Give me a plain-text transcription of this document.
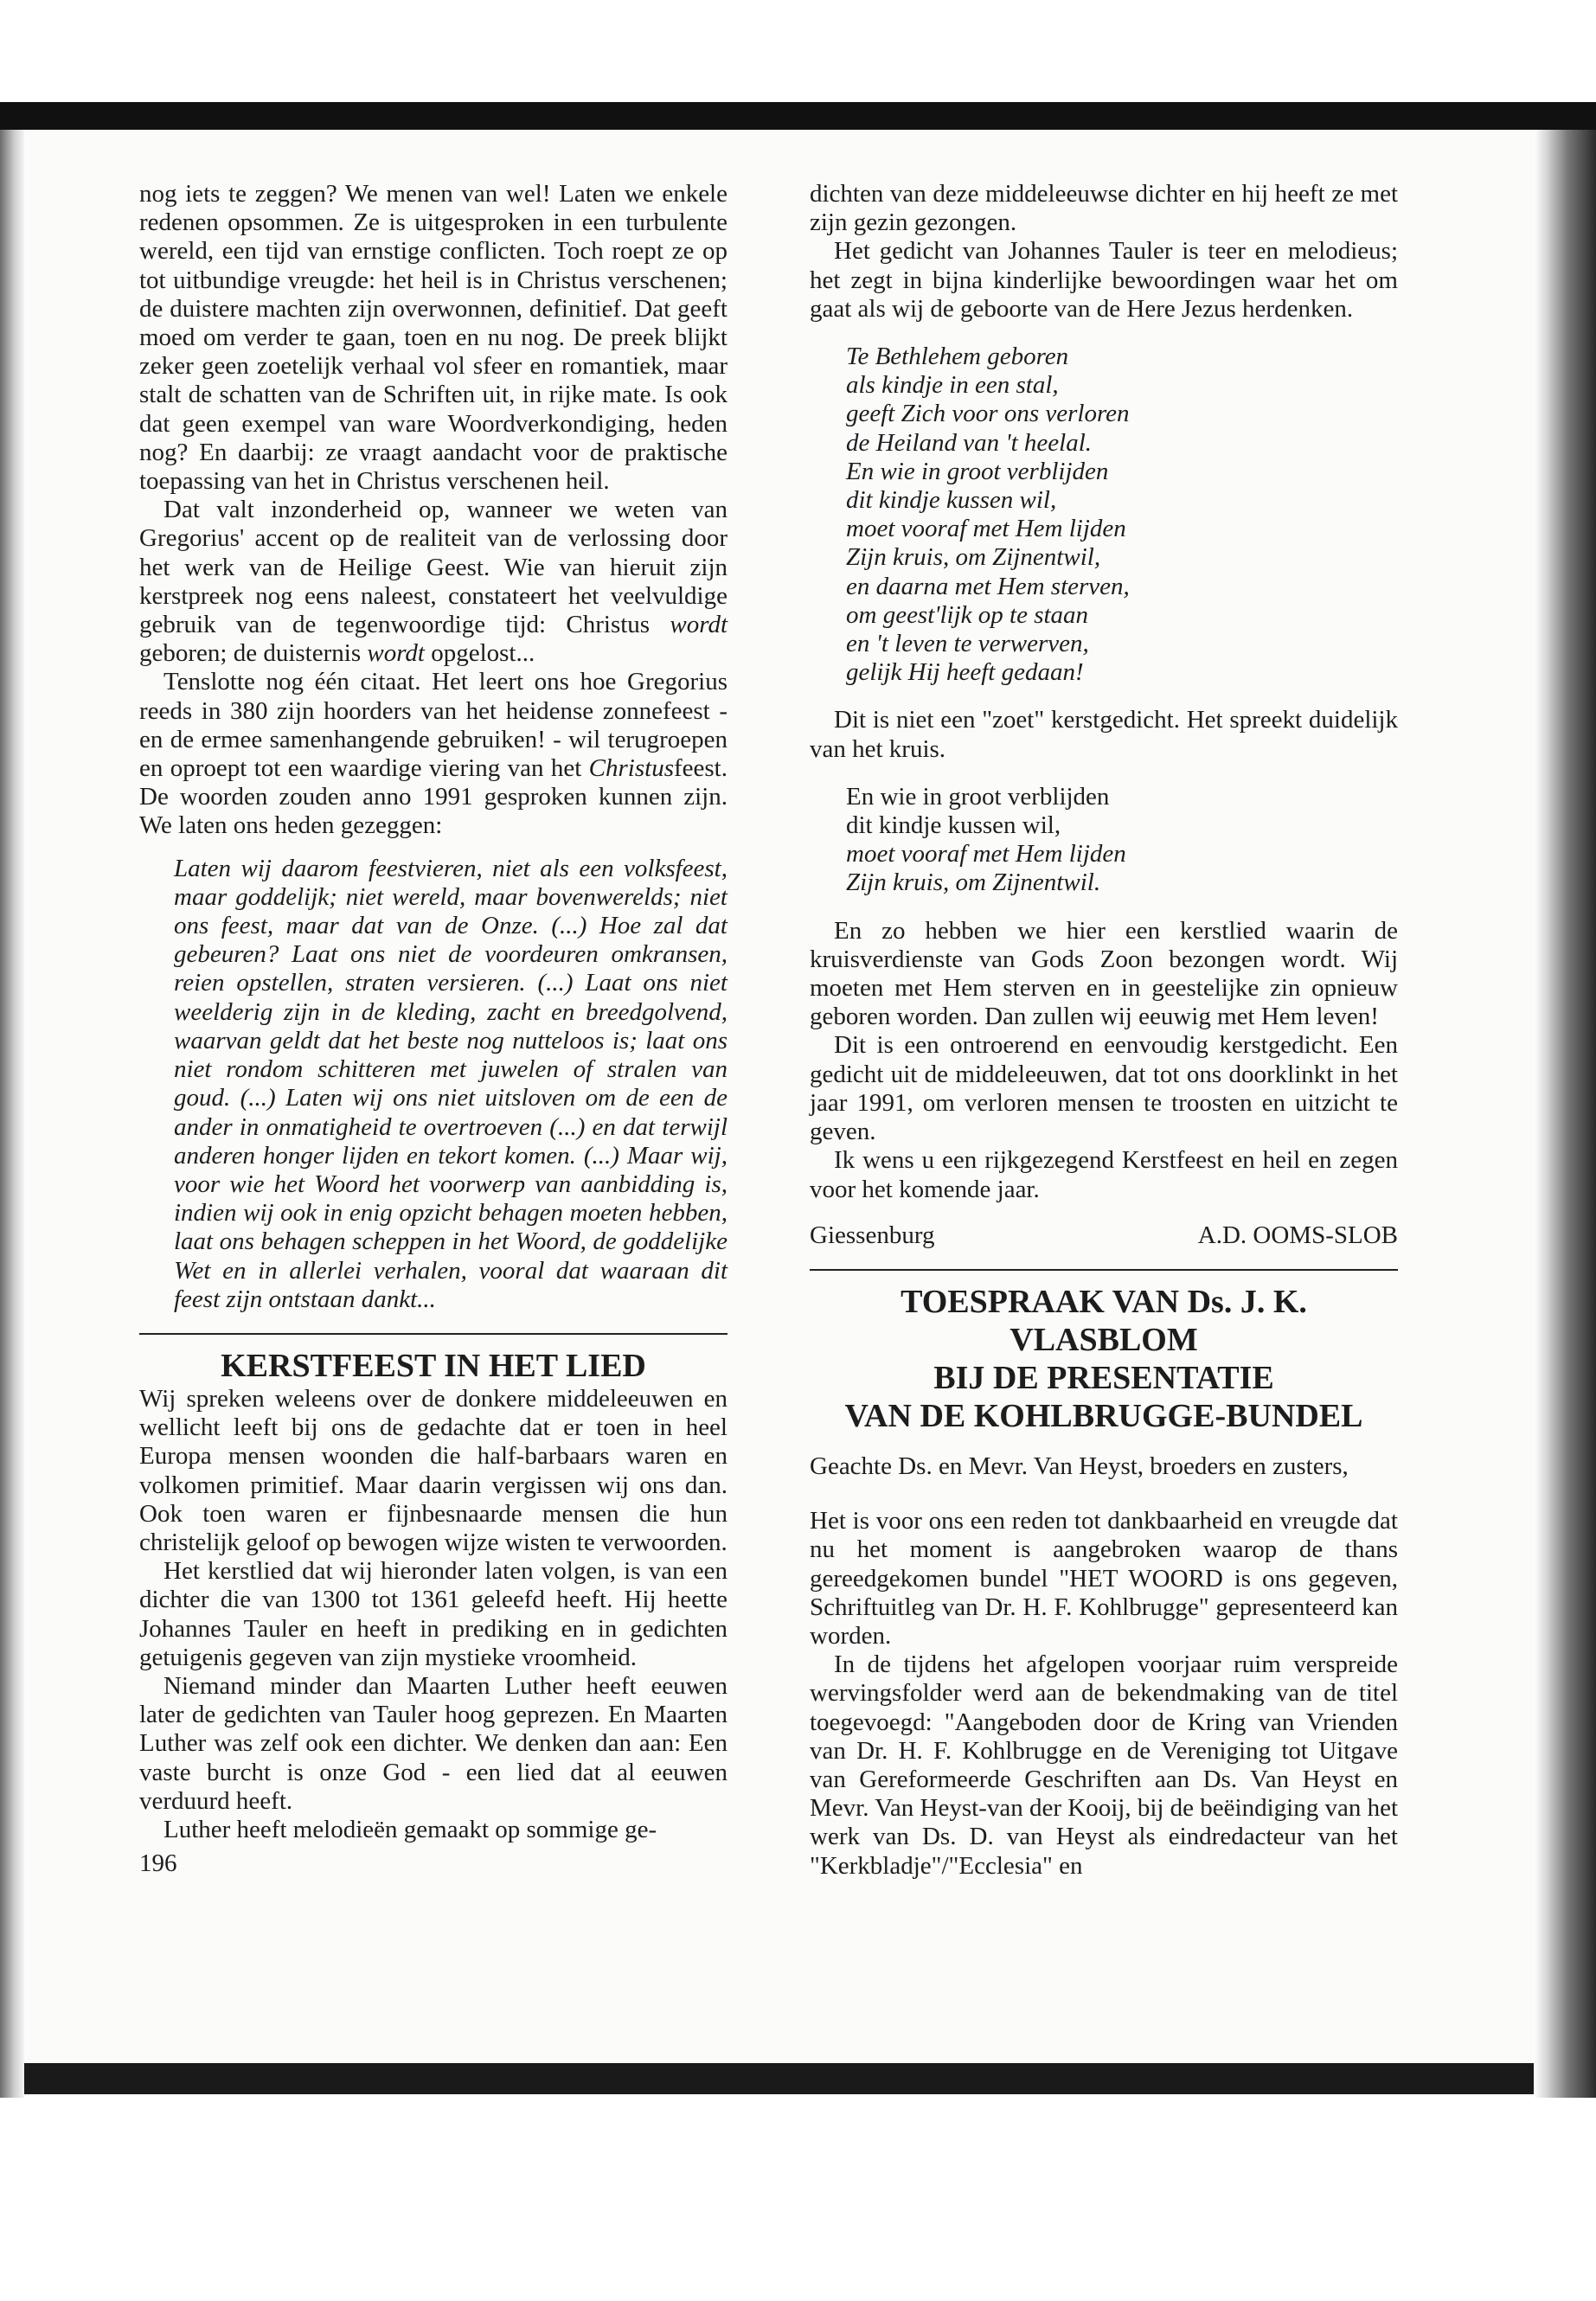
nog iets te zeggen? We menen van wel! Laten we enkele redenen opsommen. Ze is uitgesproken in een turbulente wereld, een tijd van ernstige conflicten. Toch roept ze op tot uitbundige vreugde: het heil is in Christus verschenen; de duistere machten zijn overwonnen, definitief. Dat geeft moed om verder te gaan, toen en nu nog. De preek blijkt zeker geen zoetelijk verhaal vol sfeer en romantiek, maar stalt de schatten van de Schriften uit, in rijke mate. Is ook dat geen exempel van ware Woordverkondiging, heden nog? En daarbij: ze vraagt aandacht voor de praktische toepassing van het in Christus verschenen heil.

Dat valt inzonderheid op, wanneer we weten van Gregorius' accent op de realiteit van de verlossing door het werk van de Heilige Geest. Wie van hieruit zijn kerstpreek nog eens naleest, constateert het veelvuldige gebruik van de tegenwoordige tijd: Christus wordt geboren; de duisternis wordt opgelost...

Tenslotte nog één citaat. Het leert ons hoe Gregorius reeds in 380 zijn hoorders van het heidense zonnefeest - en de ermee samenhangende gebruiken! - wil terugroepen en oproept tot een waardige viering van het Christusfeest. De woorden zouden anno 1991 gesproken kunnen zijn. We laten ons heden gezeggen:

Laten wij daarom feestvieren, niet als een volksfeest, maar goddelijk; niet wereld, maar bovenwerelds; niet ons feest, maar dat van de Onze. (...) Hoe zal dat gebeuren? Laat ons niet de voordeuren omkransen, reien opstellen, straten versieren. (...) Laat ons niet weelderig zijn in de kleding, zacht en breedgolvend, waarvan geldt dat het beste nog nutteloos is; laat ons niet rondom schitteren met juwelen of stralen van goud. (...) Laten wij ons niet uitsloven om de een de ander in onmatigheid te overtroeven (...) en dat terwijl anderen honger lijden en tekort komen. (...) Maar wij, voor wie het Woord het voorwerp van aanbidding is, indien wij ook in enig opzicht behagen moeten hebben, laat ons behagen scheppen in het Woord, de goddelijke Wet en in allerlei verhalen, vooral dat waaraan dit feest zijn ontstaan dankt...

KERSTFEEST IN HET LIED

Wij spreken weleens over de donkere middeleeuwen en wellicht leeft bij ons de gedachte dat er toen in heel Europa mensen woonden die half-barbaars waren en volkomen primitief. Maar daarin vergissen wij ons dan. Ook toen waren er fijnbesnaarde mensen die hun christelijk geloof op bewogen wijze wisten te verwoorden.

Het kerstlied dat wij hieronder laten volgen, is van een dichter die van 1300 tot 1361 geleefd heeft. Hij heette Johannes Tauler en heeft in prediking en in gedichten getuigenis gegeven van zijn mystieke vroomheid.

Niemand minder dan Maarten Luther heeft eeuwen later de gedichten van Tauler hoog geprezen. En Maarten Luther was zelf ook een dichter. We denken dan aan: Een vaste burcht is onze God - een lied dat al eeuwen verduurd heeft.

Luther heeft melodieën gemaakt op sommige ge-

196

dichten van deze middeleeuwse dichter en hij heeft ze met zijn gezin gezongen.

Het gedicht van Johannes Tauler is teer en melodieus; het zegt in bijna kinderlijke bewoordingen waar het om gaat als wij de geboorte van de Here Jezus herdenken.

Te Bethlehem geboren
als kindje in een stal,
geeft Zich voor ons verloren
de Heiland van 't heelal.
En wie in groot verblijden
dit kindje kussen wil,
moet vooraf met Hem lijden
Zijn kruis, om Zijnentwil,
en daarna met Hem sterven,
om geest'lijk op te staan
en 't leven te verwerven,
gelijk Hij heeft gedaan!

Dit is niet een "zoet" kerstgedicht. Het spreekt duidelijk van het kruis.

En wie in groot verblijden
dit kindje kussen wil,
moet vooraf met Hem lijden
Zijn kruis, om Zijnentwil.

En zo hebben we hier een kerstlied waarin de kruisverdienste van Gods Zoon bezongen wordt. Wij moeten met Hem sterven en in geestelijke zin opnieuw geboren worden. Dan zullen wij eeuwig met Hem leven!

Dit is een ontroerend en eenvoudig kerstgedicht. Een gedicht uit de middeleeuwen, dat tot ons doorklinkt in het jaar 1991, om verloren mensen te troosten en uitzicht te geven.

Ik wens u een rijkgezegend Kerstfeest en heil en zegen voor het komende jaar.

Giessenburg	A.D. OOMS-SLOB
TOESPRAAK VAN Ds. J. K. VLASBLOM
BIJ DE PRESENTATIE
VAN DE KOHLBRUGGE-BUNDEL

Geachte Ds. en Mevr. Van Heyst, broeders en zusters,

Het is voor ons een reden tot dankbaarheid en vreugde dat nu het moment is aangebroken waarop de thans gereedgekomen bundel "HET WOORD is ons gegeven, Schriftuitleg van Dr. H. F. Kohlbrugge" gepresenteerd kan worden.

In de tijdens het afgelopen voorjaar ruim verspreide wervingsfolder werd aan de bekendmaking van de titel toegevoegd: "Aangeboden door de Kring van Vrienden van Dr. H. F. Kohlbrugge en de Vereniging tot Uitgave van Gereformeerde Geschriften aan Ds. Van Heyst en Mevr. Van Heyst-van der Kooij, bij de beëindiging van het werk van Ds. D. van Heyst als eindredacteur van het "Kerkbladje"/"Ecclesia" en
